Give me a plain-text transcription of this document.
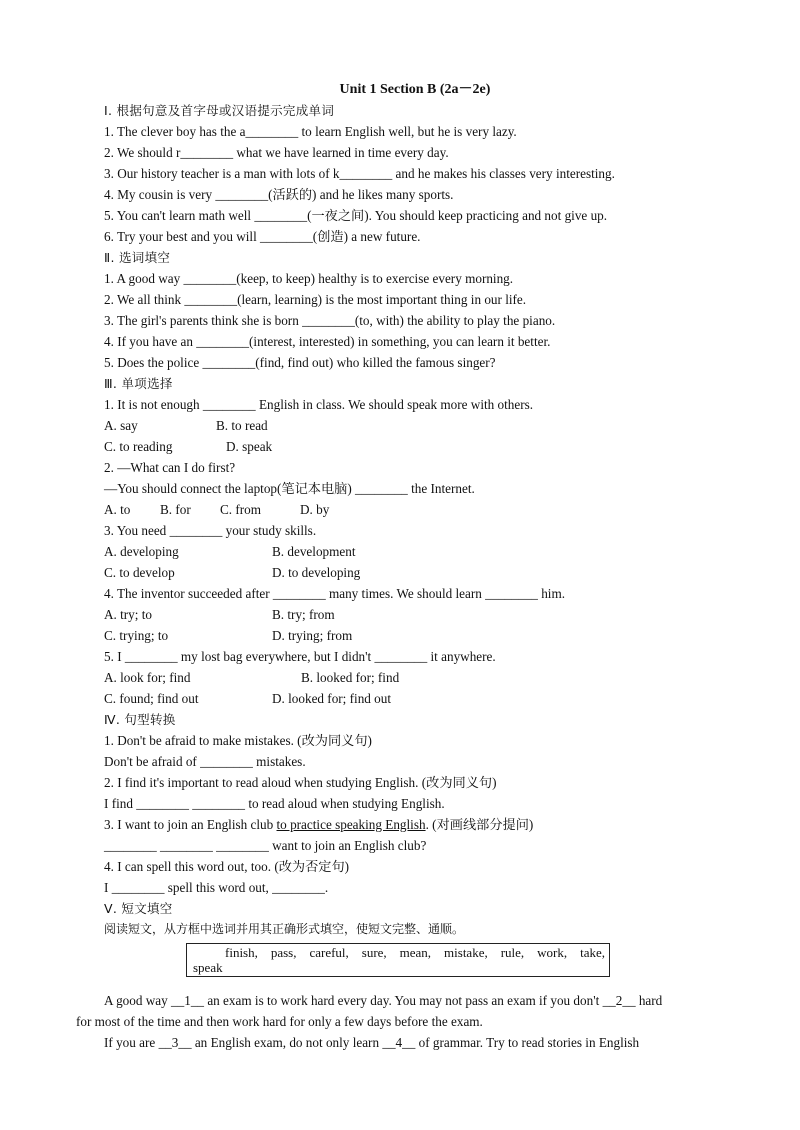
Unit 1 Section B (2a－2e)
Ⅰ. 根据句意及首字母或汉语提示完成单词
1. The clever boy has the a________ to learn English well, but he is very lazy.
2. We should r________ what we have learned in time every day.
3. Our history teacher is a man with lots of k________ and he makes his classes very interesting.
4. My cousin is very ________(活跃的) and he likes many sports.
5. You can't learn math well ________(一夜之间). You should keep practicing and not give up.
6. Try your best and you will ________(创造) a new future.
Ⅱ. 选词填空
1. A good way ________(keep, to keep) healthy is to exercise every morning.
2. We all think ________(learn, learning) is the most important thing in our life.
3. The girl's parents think she is born ________(to, with) the ability to play the piano.
4. If you have an ________(interest, interested) in something, you can learn it better.
5. Does the police ________(find, find out) who killed the famous singer?
Ⅲ. 单项选择
1. It is not enough ________ English in class. We should speak more with others.
A. say	B. to read
C. to reading	D. speak
2. —What can I do first?
—You should connect the laptop(笔记本电脑) ________ the Internet.
A. to B. for C. from	D. by
3. You need ________ your study skills.
A. developing	B. development
C. to develop	D. to developing
4. The inventor succeeded after ________ many times. We should learn ________ him.
A. try; to	B. try; from
C. trying; to	D. trying; from
5. I ________ my lost bag everywhere, but I didn't ________ it anywhere.
A. look for; find	B. looked for; find
C. found; find out	D. looked for; find out
Ⅳ. 句型转换
1. Don't be afraid to make mistakes. (改为同义句)
Don't be afraid of ________ mistakes.
2. I find it's important to read aloud when studying English. (改为同义句)
I find ________ ________ to read aloud when studying English.
3. I want to join an English club to practice speaking English. (对画线部分提问)
________ ________ ________ want to join an English club?
4. I can spell this word out, too. (改为否定句)
I ________ spell this word out, ________.
Ⅴ. 短文填空
阅读短文，从方框中选词并用其正确形式填空，使短文完整、通顺。
finish, pass, careful, sure, mean, mistake, rule, work, take,
speak
A good way __1__ an exam is to work hard every day. You may not pass an exam if you don't __2__ hard
for most of the time and then work hard for only a few days before the exam.
If you are __3__ an English exam, do not only learn __4__ of grammar. Try to read stories in English
